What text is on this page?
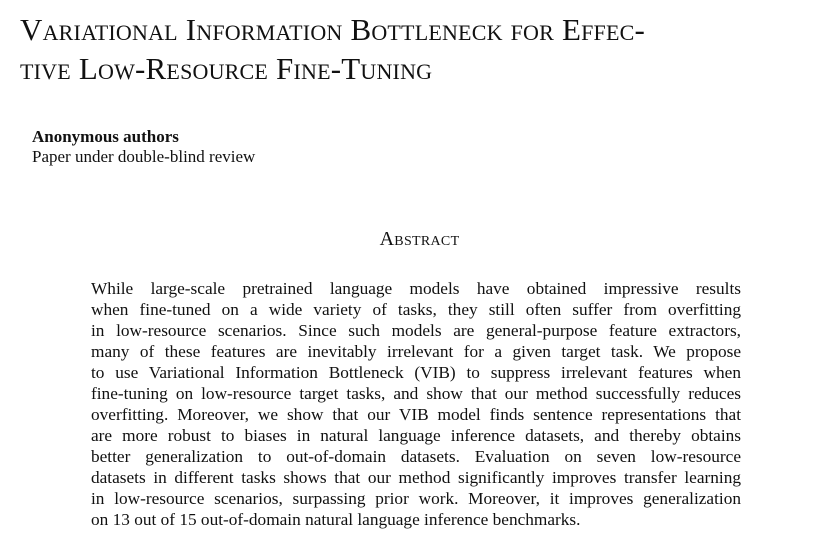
Variational Information Bottleneck for Effec-
tive Low-Resource Fine-Tuning
Anonymous authors
Paper under double-blind review
Abstract
While large-scale pretrained language models have obtained impressive results
when fine-tuned on a wide variety of tasks, they still often suffer from overfitting
in low-resource scenarios. Since such models are general-purpose feature extractors,
many of these features are inevitably irrelevant for a given target task. We propose
to use Variational Information Bottleneck (VIB) to suppress irrelevant features when
fine-tuning on low-resource target tasks, and show that our method successfully reduces
overfitting. Moreover, we show that our VIB model finds sentence representations that
are more robust to biases in natural language inference datasets, and thereby obtains
better generalization to out-of-domain datasets. Evaluation on seven low-resource
datasets in different tasks shows that our method significantly improves transfer learning
in low-resource scenarios, surpassing prior work. Moreover, it improves generalization
on 13 out of 15 out-of-domain natural language inference benchmarks.
